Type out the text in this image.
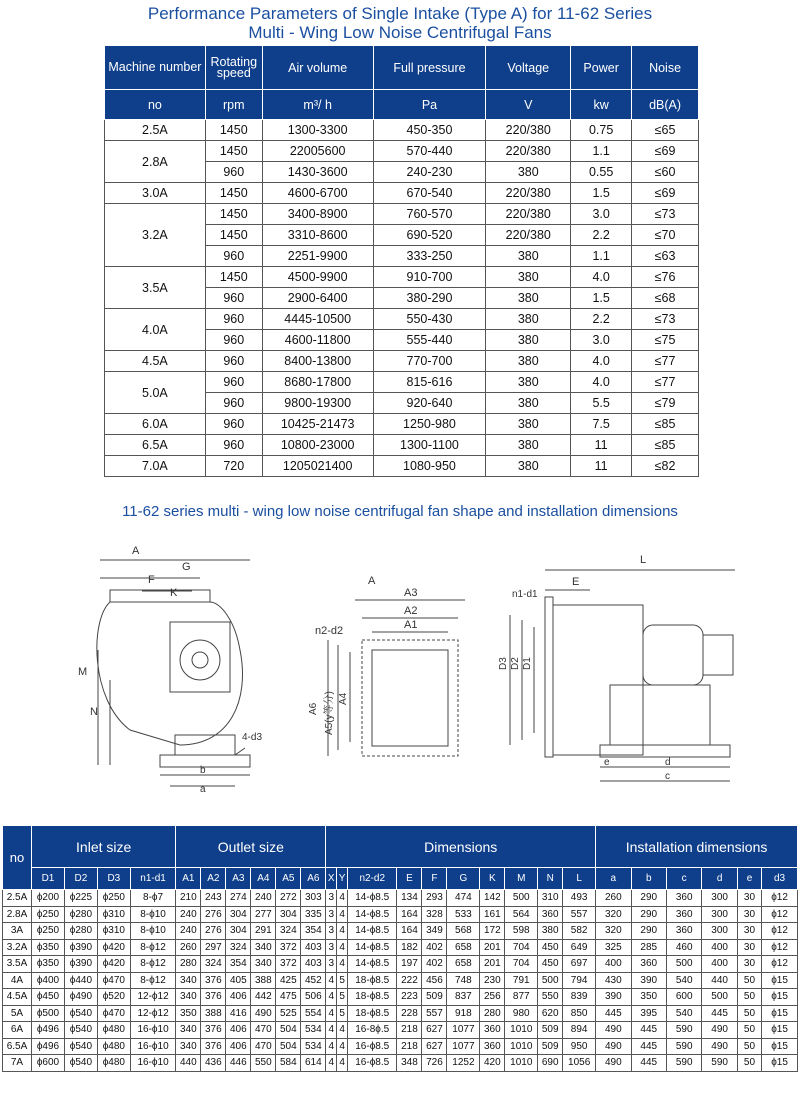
Performance Parameters of Single Intake (Type A) for 11-62 Series
Multi - Wing Low Noise Centrifugal Fans
Machine number	Rotating speed	Air volume	Full pressure	Voltage	Power	Noise
no	rpm	m³/ h	Pa	V	kw	dB(A)
2.5A	1450	1300-3300	450-350	220/380	0.75	≤65
2.8A	1450	22005600	570-440	220/380	1.1	≤69
	960	1430-3600	240-230	380	0.55	≤60
3.0A	1450	4600-6700	670-540	220/380	1.5	≤69
3.2A	1450	3400-8900	760-570	220/380	3.0	≤73
	1450	3310-8600	690-520	220/380	2.2	≤70
	960	2251-9900	333-250	380	1.1	≤63
3.5A	1450	4500-9900	910-700	380	4.0	≤76
	960	2900-6400	380-290	380	1.5	≤68
4.0A	960	4445-10500	550-430	380	2.2	≤73
	960	4600-11800	555-440	380	3.0	≤75
4.5A	960	8400-13800	770-700	380	4.0	≤77
5.0A	960	8680-17800	815-616	380	4.0	≤77
	960	9800-19300	920-640	380	5.5	≤79
6.0A	960	10425-21473	1250-980	380	7.5	≤85
6.5A	960	10800-23000	1300-1100	380	11	≤85
7.0A	720	1205021400	1080-950	380	11	≤82
11-62 series multi - wing low noise centrifugal fan shape and installation dimensions
A
G
F
K
M
N
4-d3
b
a
A
A3
A2
A1
n2-d2
A6 A5(y等分) A4
L
E
n1-d1
D3 D2 D1
e	d
c
no	Inlet size				Outlet size						Dimensions										Installation dimensions					
	D1	D2	D3	n1-d1	A1	A2	A3	A4	A5	A6	X	Y	n2-d2	E	F	G	K	M	N	L	a	b	c	d	e	d3
2.5A	ϕ200	ϕ225	ϕ250	8-ϕ7	210	243	274	240	272	303	3	4	14-ϕ8.5	134	293	474	142	500	310	493	260	290	360	300	30	ϕ12
2.8A	ϕ250	ϕ280	ϕ310	8-ϕ10	240	276	304	277	304	335	3	4	14-ϕ8.5	164	328	533	161	564	360	557	320	290	360	300	30	ϕ12
3A	ϕ250	ϕ280	ϕ310	8-ϕ10	240	276	304	291	324	354	3	4	14-ϕ8.5	164	349	568	172	598	380	582	320	290	360	300	30	ϕ12
3.2A	ϕ350	ϕ390	ϕ420	8-ϕ12	260	297	324	340	372	403	3	4	14-ϕ8.5	182	402	658	201	704	450	649	325	285	460	400	30	ϕ12
3.5A	ϕ350	ϕ390	ϕ420	8-ϕ12	280	324	354	340	372	403	3	4	14-ϕ8.5	197	402	658	201	704	450	697	400	360	500	400	30	ϕ12
4A	ϕ400	ϕ440	ϕ470	8-ϕ12	340	376	405	388	425	452	4	5	18-ϕ8.5	222	456	748	230	791	500	794	430	390	540	440	50	ϕ15
4.5A	ϕ450	ϕ490	ϕ520	12-ϕ12	340	376	406	442	475	506	4	5	18-ϕ8.5	223	509	837	256	877	550	839	390	350	600	500	50	ϕ15
5A	ϕ500	ϕ540	ϕ470	12-ϕ12	350	388	416	490	525	554	4	5	18-ϕ8.5	228	557	918	280	980	620	850	445	395	540	445	50	ϕ15
6A	ϕ496	ϕ540	ϕ480	16-ϕ10	340	376	406	470	504	534	4	4	16-8ϕ.5	218	627	1077	360	1010	509	894	490	445	590	490	50	ϕ15
6.5A	ϕ496	ϕ540	ϕ480	16-ϕ10	340	376	406	470	504	534	4	4	16-ϕ8.5	218	627	1077	360	1010	509	950	490	445	590	490	50	ϕ15
7A	ϕ600	ϕ540	ϕ480	16-ϕ10	440	436	446	550	584	614	4	4	16-ϕ8.5	348	726	1252	420	1010	690	1056	490	445	590	590	50	ϕ15
